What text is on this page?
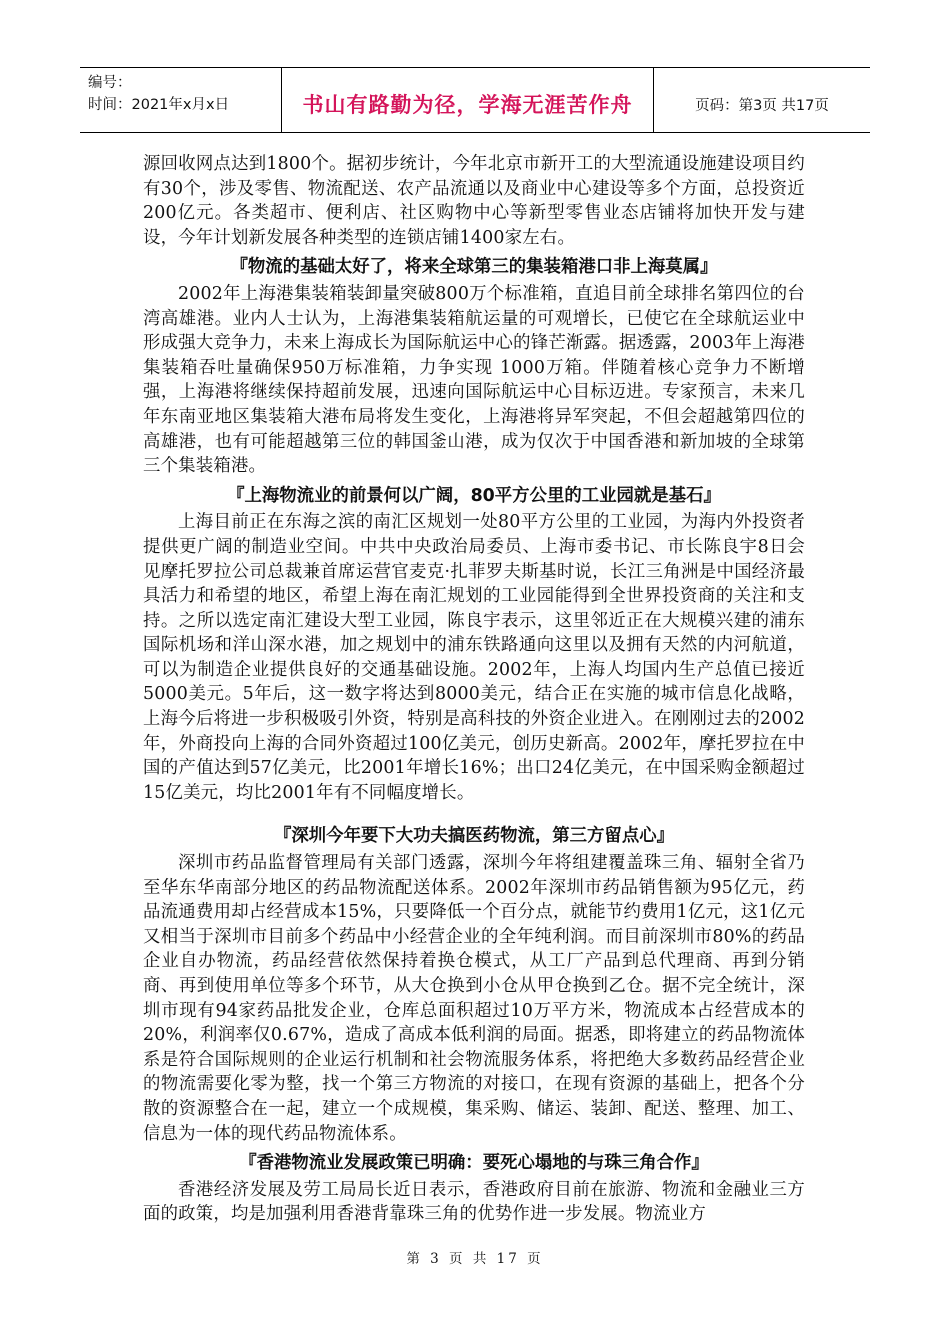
编号：
时间：2021年x月x日	书山有路勤为径，学海无涯苦作舟	页码：第3页 共17页

源回收网点达到1800个。据初步统计，今年北京市新开工的大型流通设施建设项目约有30个，涉及零售、物流配送、农产品流通以及商业中心建设等多个方面，总投资近200亿元。各类超市、便利店、社区购物中心等新型零售业态店铺将加快开发与建设，今年计划新发展各种类型的连锁店铺1400家左右。

『物流的基础太好了，将来全球第三的集装箱港口非上海莫属』

2002年上海港集装箱装卸量突破800万个标准箱，直追目前全球排名第四位的台湾高雄港。业内人士认为，上海港集装箱航运量的可观增长，已使它在全球航运业中形成强大竞争力，未来上海成长为国际航运中心的锋芒渐露。据透露，2003年上海港集装箱吞吐量确保950万标准箱，力争实现 1000万箱。伴随着核心竞争力不断增强，上海港将继续保持超前发展，迅速向国际航运中心目标迈进。专家预言，未来几年东南亚地区集装箱大港布局将发生变化，上海港将异军突起，不但会超越第四位的高雄港，也有可能超越第三位的韩国釜山港，成为仅次于中国香港和新加坡的全球第三个集装箱港。

『上海物流业的前景何以广阔，80平方公里的工业园就是基石』

上海目前正在东海之滨的南汇区规划一处80平方公里的工业园，为海内外投资者提供更广阔的制造业空间。中共中央政治局委员、上海市委书记、市长陈良宇8日会见摩托罗拉公司总裁兼首席运营官麦克·扎菲罗夫斯基时说，长江三角洲是中国经济最具活力和希望的地区，希望上海在南汇规划的工业园能得到全世界投资商的关注和支持。之所以选定南汇建设大型工业园，陈良宇表示，这里邻近正在大规模兴建的浦东国际机场和洋山深水港，加之规划中的浦东铁路通向这里以及拥有天然的内河航道，可以为制造企业提供良好的交通基础设施。2002年，上海人均国内生产总值已接近5000美元。5年后，这一数字将达到8000美元，结合正在实施的城市信息化战略，上海今后将进一步积极吸引外资，特别是高科技的外资企业进入。在刚刚过去的2002年，外商投向上海的合同外资超过100亿美元，创历史新高。2002年，摩托罗拉在中国的产值达到57亿美元，比2001年增长16%；出口24亿美元，在中国采购金额超过15亿美元，均比2001年有不同幅度增长。

『深圳今年要下大功夫搞医药物流，第三方留点心』

深圳市药品监督管理局有关部门透露，深圳今年将组建覆盖珠三角、辐射全省乃至华东华南部分地区的药品物流配送体系。2002年深圳市药品销售额为95亿元，药品流通费用却占经营成本15%，只要降低一个百分点，就能节约费用1亿元，这1亿元又相当于深圳市目前多个药品中小经营企业的全年纯利润。而目前深圳市80%的药品企业自办物流，药品经营依然保持着换仓模式，从工厂产品到总代理商、再到分销商、再到使用单位等多个环节，从大仓换到小仓从甲仓换到乙仓。据不完全统计，深圳市现有94家药品批发企业，仓库总面积超过10万平方米，物流成本占经营成本的20%，利润率仅0.67%，造成了高成本低利润的局面。据悉，即将建立的药品物流体系是符合国际规则的企业运行机制和社会物流服务体系，将把绝大多数药品经营企业的物流需要化零为整，找一个第三方物流的对接口，在现有资源的基础上，把各个分散的资源整合在一起，建立一个成规模，集采购、储运、装卸、配送、整理、加工、信息为一体的现代药品物流体系。

『香港物流业发展政策已明确：要死心塌地的与珠三角合作』

香港经济发展及劳工局局长近日表示，香港政府目前在旅游、物流和金融业三方面的政策，均是加强利用香港背靠珠三角的优势作进一步发展。物流业方

第 3 页 共 17 页
